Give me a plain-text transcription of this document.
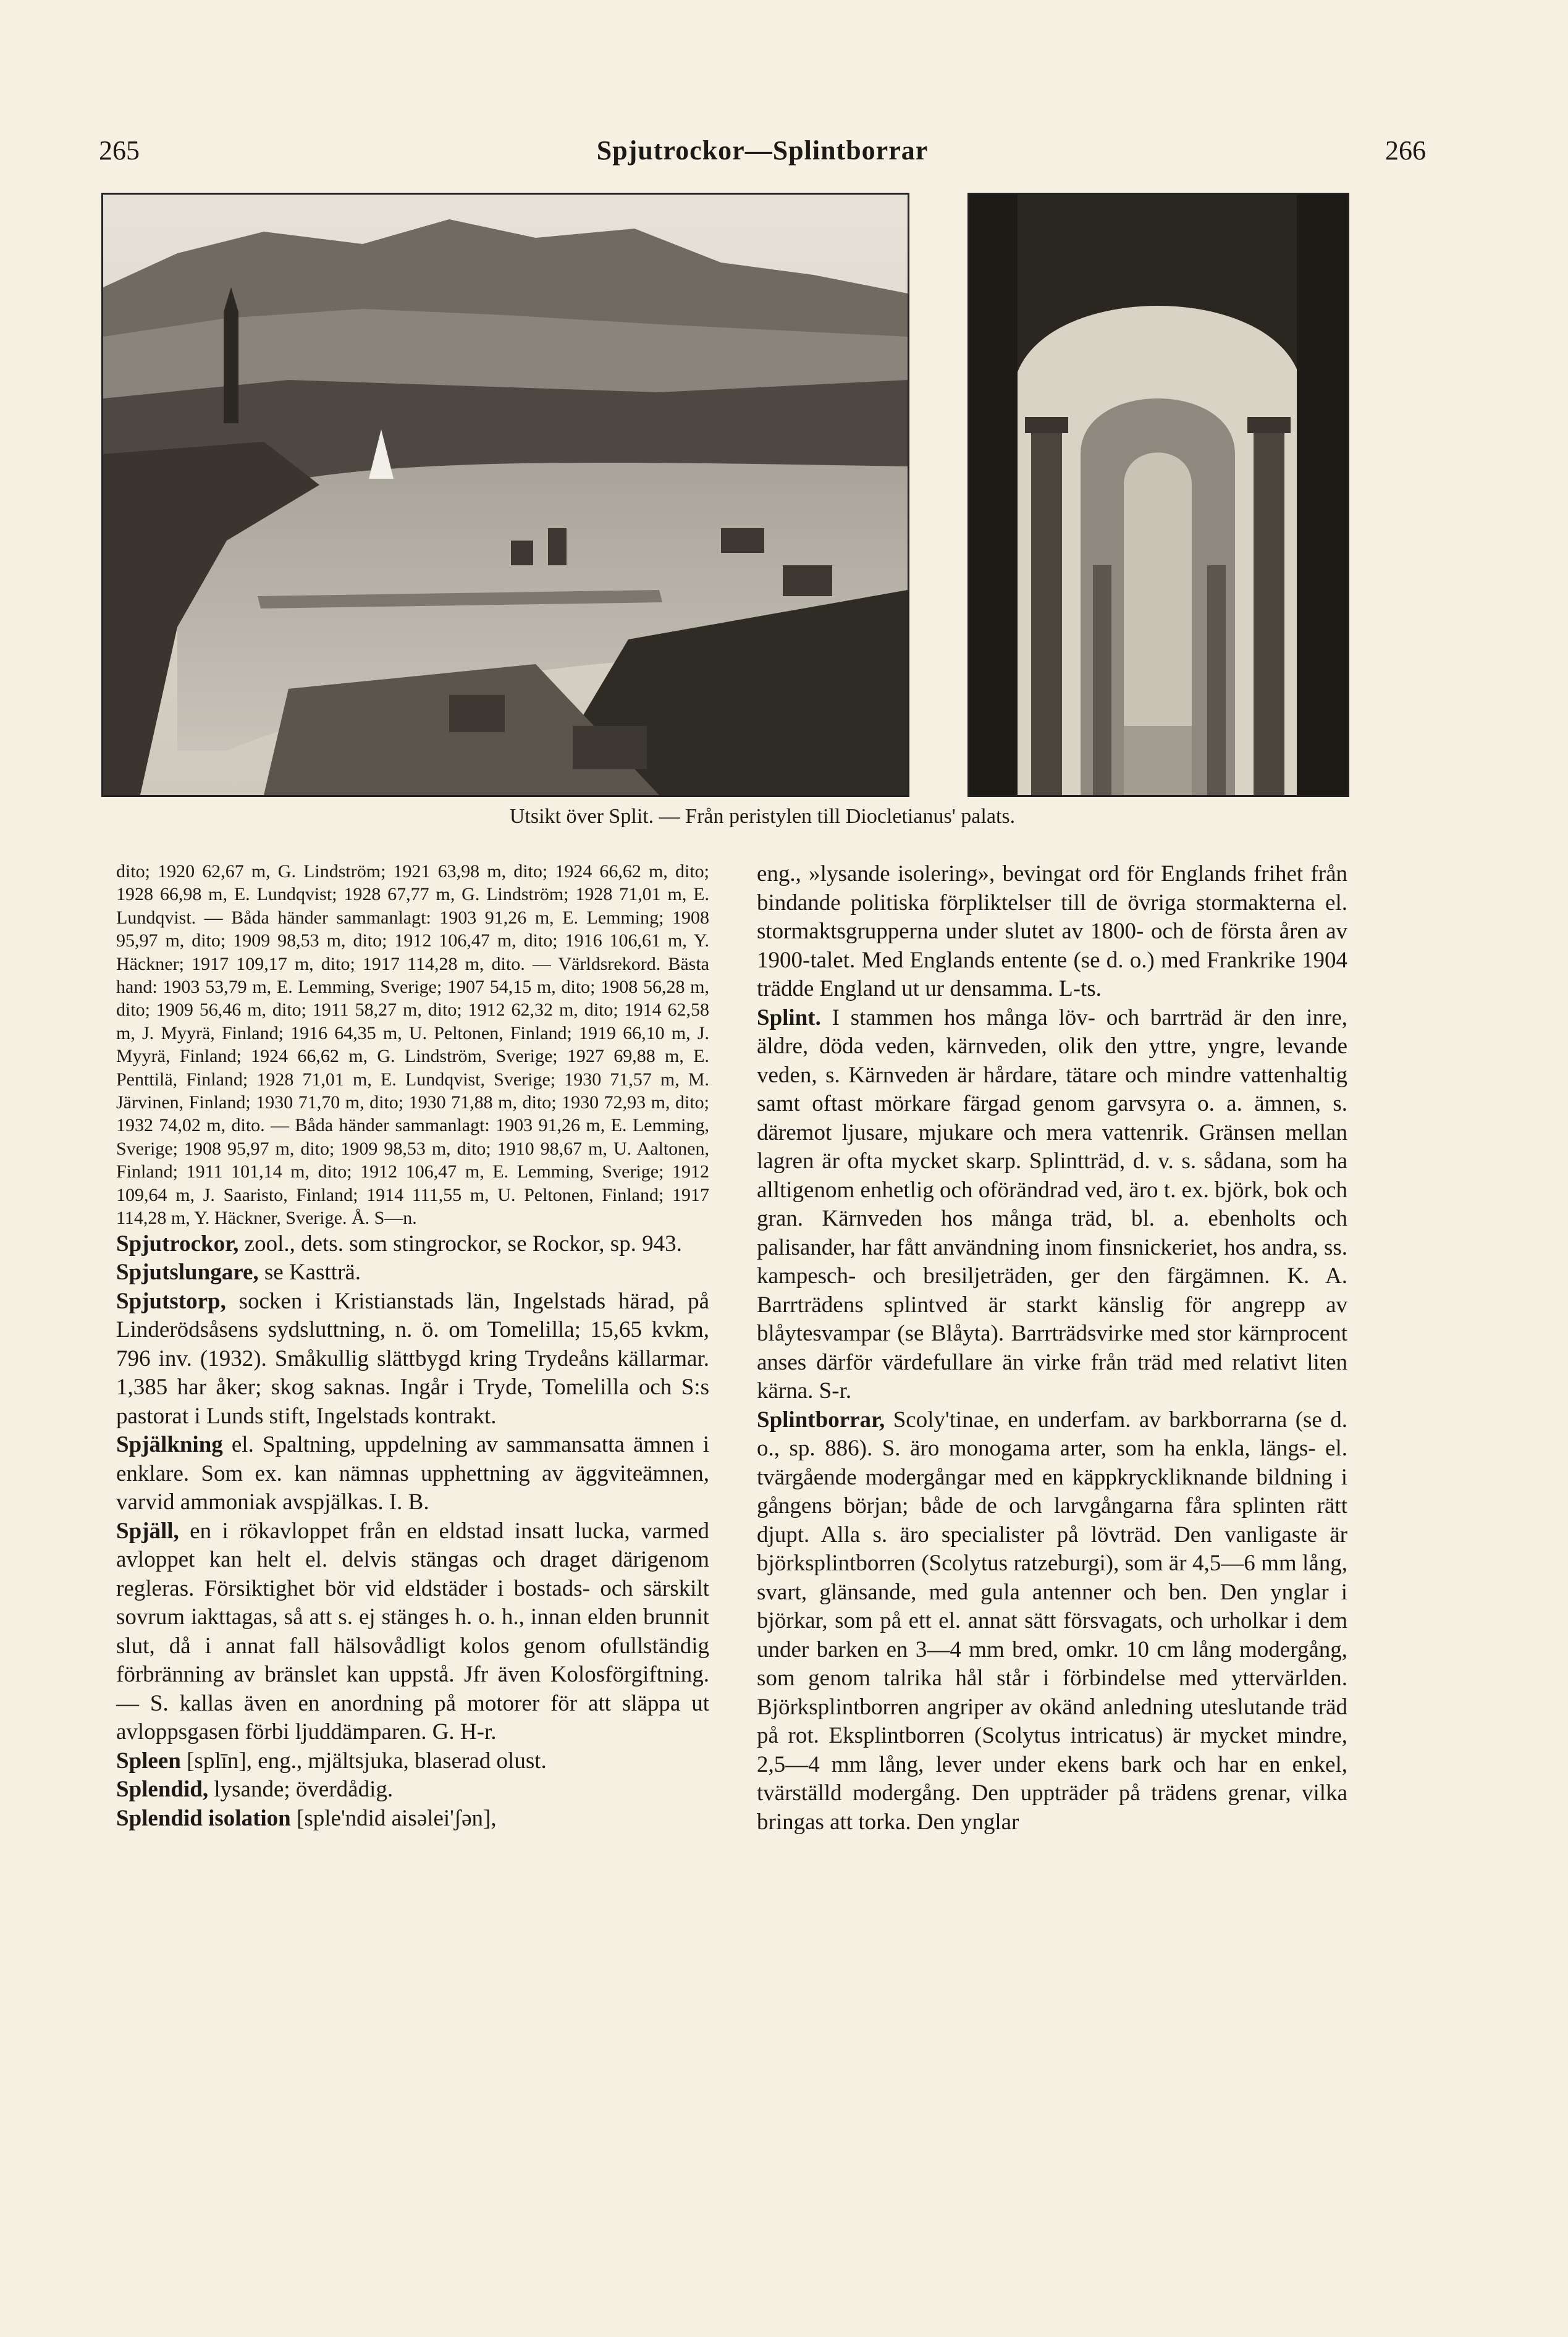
265	Spjutrockor—Splintborrar	266
Utsikt över Split. — Från peristylen till Diocletianus' palats.

dito; 1920 62,67 m, G. Lindström; 1921 63,98 m, dito; 1924 66,62 m, dito; 1928 66,98 m, E. Lundqvist; 1928 67,77 m, G. Lindström; 1928 71,01 m, E. Lundqvist. — Båda händer sammanlagt: 1903 91,26 m, E. Lemming; 1908 95,97 m, dito; 1909 98,53 m, dito; 1912 106,47 m, dito; 1916 106,61 m, Y. Häckner; 1917 109,17 m, dito; 1917 114,28 m, dito. — Världsrekord. Bästa hand: 1903 53,79 m, E. Lemming, Sverige; 1907 54,15 m, dito; 1908 56,28 m, dito; 1909 56,46 m, dito; 1911 58,27 m, dito; 1912 62,32 m, dito; 1914 62,58 m, J. Myyrä, Finland; 1916 64,35 m, U. Peltonen, Finland; 1919 66,10 m, J. Myyrä, Finland; 1924 66,62 m, G. Lindström, Sverige; 1927 69,88 m, E. Penttilä, Finland; 1928 71,01 m, E. Lundqvist, Sverige; 1930 71,57 m, M. Järvinen, Finland; 1930 71,70 m, dito; 1930 71,88 m, dito; 1930 72,93 m, dito; 1932 74,02 m, dito. — Båda händer sammanlagt: 1903 91,26 m, E. Lemming, Sverige; 1908 95,97 m, dito; 1909 98,53 m, dito; 1910 98,67 m, U. Aaltonen, Finland; 1911 101,14 m, dito; 1912 106,47 m, E. Lemming, Sverige; 1912 109,64 m, J. Saaristo, Finland; 1914 111,55 m, U. Peltonen, Finland; 1917 114,28 m, Y. Häckner, Sverige. Å. S—n.

Spjutrockor, zool., dets. som stingrockor, se Rockor, sp. 943.

Spjutslungare, se Kastträ.

Spjutstorp, socken i Kristianstads län, Ingelstads härad, på Linderödsåsens sydsluttning, n. ö. om Tomelilla; 15,65 kvkm, 796 inv. (1932). Småkullig slättbygd kring Trydeåns källarmar. 1,385 har åker; skog saknas. Ingår i Tryde, Tomelilla och S:s pastorat i Lunds stift, Ingelstads kontrakt.

Spjälkning el. Spaltning, uppdelning av sammansatta ämnen i enklare. Som ex. kan nämnas upphettning av äggviteämnen, varvid ammoniak avspjälkas. I. B.

Spjäll, en i rökavloppet från en eldstad insatt lucka, varmed avloppet kan helt el. delvis stängas och draget därigenom regleras. Försiktighet bör vid eldstäder i bostads- och särskilt sovrum iakttagas, så att s. ej stänges h. o. h., innan elden brunnit slut, då i annat fall hälsovådligt kolos genom ofullständig förbränning av bränslet kan uppstå. Jfr även Kolosförgiftning. — S. kallas även en anordning på motorer för att släppa ut avloppsgasen förbi ljuddämparen. G. H-r.

Spleen [splīn], eng., mjältsjuka, blaserad olust.

Splendid, lysande; överdådig.

Splendid isolation [sple'ndid aisəlei'ʃən],

eng., »lysande isolering», bevingat ord för Englands frihet från bindande politiska förpliktelser till de övriga stormakterna el. stormaktsgrupperna under slutet av 1800- och de första åren av 1900-talet. Med Englands entente (se d. o.) med Frankrike 1904 trädde England ut ur densamma. L-ts.

Splint. I stammen hos många löv- och barrträd är den inre, äldre, döda veden, kärnveden, olik den yttre, yngre, levande veden, s. Kärnveden är hårdare, tätare och mindre vattenhaltig samt oftast mörkare färgad genom garvsyra o. a. ämnen, s. däremot ljusare, mjukare och mera vattenrik. Gränsen mellan lagren är ofta mycket skarp. Splintträd, d. v. s. sådana, som ha alltigenom enhetlig och oförändrad ved, äro t. ex. björk, bok och gran. Kärnveden hos många träd, bl. a. ebenholts och palisander, har fått användning inom finsnickeriet, hos andra, ss. kampesch- och bresiljeträden, ger den färgämnen. K. A. Barrträdens splintved är starkt känslig för angrepp av blåytesvampar (se Blåyta). Barrträdsvirke med stor kärnprocent anses därför värdefullare än virke från träd med relativt liten kärna. S-r.

Splintborrar, Scoly'tinae, en underfam. av barkborrarna (se d. o., sp. 886). S. äro monogama arter, som ha enkla, längs- el. tvärgående modergångar med en käppkryckliknande bildning i gångens början; både de och larvgångarna fåra splinten rätt djupt. Alla s. äro specialister på lövträd. Den vanligaste är björksplintborren (Scolytus ratzeburgi), som är 4,5—6 mm lång, svart, glänsande, med gula antenner och ben. Den ynglar i björkar, som på ett el. annat sätt försvagats, och urholkar i dem under barken en 3—4 mm bred, omkr. 10 cm lång modergång, som genom talrika hål står i förbindelse med yttervärlden. Björksplintborren angriper av okänd anledning uteslutande träd på rot. Eksplintborren (Scolytus intricatus) är mycket mindre, 2,5—4 mm lång, lever under ekens bark och har en enkel, tvärställd modergång. Den uppträder på trädens grenar, vilka bringas att torka. Den ynglar
